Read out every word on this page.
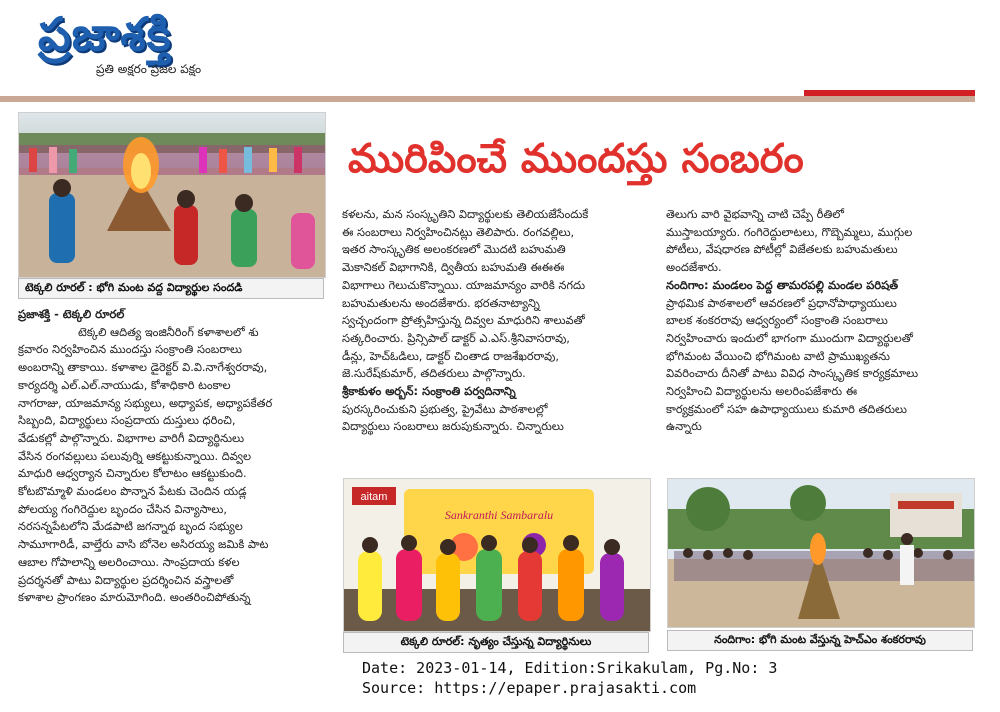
ప్రజాశక్తి
ప్రతి అక్షరం ప్రజల పక్షం
మురిపించే ముందస్తు సంబరం
టెక్కలి రూరల్ : భోగి మంట వద్ద విద్యార్థుల సందడి

ప్రజాశక్తి - టెక్కలి రూరల్

టెక్కలి ఆదిత్య ఇంజినీరింగ్ కళాశాలలో శు

క్రవారం నిర్వహించిన ముందస్తు సంక్రాంతి సంబరాలు

అంబరాన్ని తాకాయి. కళాశాల డైరెక్టర్ వి.వి.నాగేశ్వరరావు,

కార్యదర్శి ఎల్.ఎల్.నాయుడు, కోశాధికారి టంకాల

నాగరాజు, యాజమాన్య సభ్యులు, అధ్యాపక, అధ్యాపకేతర

సిబ్బంది, విద్యార్థులు సంప్రదాయ దుస్తులు ధరించి,

వేడుకల్లో పాల్గొన్నారు. విభాగాల వారిగీ విద్యార్థినులు

వేసిన రంగవల్లులు పలువుర్ని ఆకట్టుకున్నాయి. దివ్వల

మాధురి ఆధ్వర్యాన చిన్నారుల కోలాటం ఆకట్టుకుంది.

కోటబొమ్మాళి మండలం పొన్నాన పేటకు చెందిన యడ్ల

పోలయ్య గంగిరెద్దుల బృందం చేసిన విన్యాసాలు,

నరసన్నపేటలోని మేడపాటి జగన్నాథ బృంద సభ్యుల

సామూగారిడీ, వాల్తేరు వాసి బోనెల అసిరయ్య జమికి పాట

ఆబాల గోపాలాన్ని అలరించాయి. సాంప్రదాయ కళల

ప్రదర్శనతో పాటు విద్యార్థుల ప్రదర్శించిన వస్త్రాలతో

కళాశాల ప్రాంగణం మారుమోగింది. అంతరించిపోతున్న

కళలను, మన సంస్కృతిని విద్యార్థులకు తెలియజేసేందుకే

ఈ సంబరాలు నిర్వహించినట్లు తెలిపారు. రంగవల్లిలు,

ఇతర సాంస్కృతిక అలంకరణలో మొదటి బహుమతి

మెకానికల్ విభాగానికి, ద్వితీయ బహుమతి ఈఈఈ

విభాగాలు గెలుచుకొన్నాయి. యాజమాన్యం వారికి నగదు

బహుమతులను అందజేశారు. భరతనాట్యాన్ని

స్వచ్చందంగా ప్రోత్సహిస్తున్న దివ్వల మాధురిని శాలువతో

సత్కరించారు. ప్రిన్సిపాల్ డాక్టర్ ఎ.ఎస్.శ్రీనివాసరావు,

డీన్లు, హెచ్ఓడిలు, డాక్టర్ చింతాడ రాజశేఖరరావు,

జె.సురేష్‌కుమార్, తదితరులు పాల్గొన్నారు.

శ్రీకాకుళం అర్బన్: సంక్రాంతి పర్వదినాన్ని

పురస్కరించుకుని ప్రభుత్వ, ప్రైవేటు పాఠశాలల్లో

విద్యార్థులు సంబరాలు జరుపుకున్నారు. చిన్నారులు

తెలుగు వారి వైభవాన్ని చాటి చెప్పే రీతిలో

ముస్తాబయ్యారు. గంగిరెద్దులాటలు, గొబ్బెమ్మలు, ముగ్గుల

పోటీలు, వేషధారణ పోటీల్లో విజేతలకు బహుమతులు

అందజేశారు.

నందిగాం: మండలం పెద్ద తామరపల్లి మండల పరిషత్

ప్రాథమిక పాఠశాలలో ఆవరణలో ప్రధానోపాధ్యాయులు

బాలక శంకరరావు ఆధ్వర్యంలో సంక్రాంతి సంబరాలు

నిర్వహించారు ఇందులో భాగంగా ముందుగా విద్యార్థులతో

భోగిమంట వేయించి భోగిమంట వాటి ప్రాముఖ్యతను

వివరించారు దీనితో పాటు వివిధ సాంస్కృతిక కార్యక్రమాలు

నిర్వహించి విద్యార్థులను అలరింపజేశారు ఈ

కార్యక్రమంలో సహ ఉపాధ్యాయులు కుమారి తదితరులు

ఉన్నారు

aitam
Sankranthi Sambaralu
టెక్కలి రూరల్: నృత్యం చేస్తున్న విద్యార్థినులు	నందిగాం: భోగి మంట వేస్తున్న హెచ్ఎం శంకరరావు
Date: 2023-01-14, Edition:Srikakulam, Pg.No: 3
Source: https://epaper.prajasakti.com
